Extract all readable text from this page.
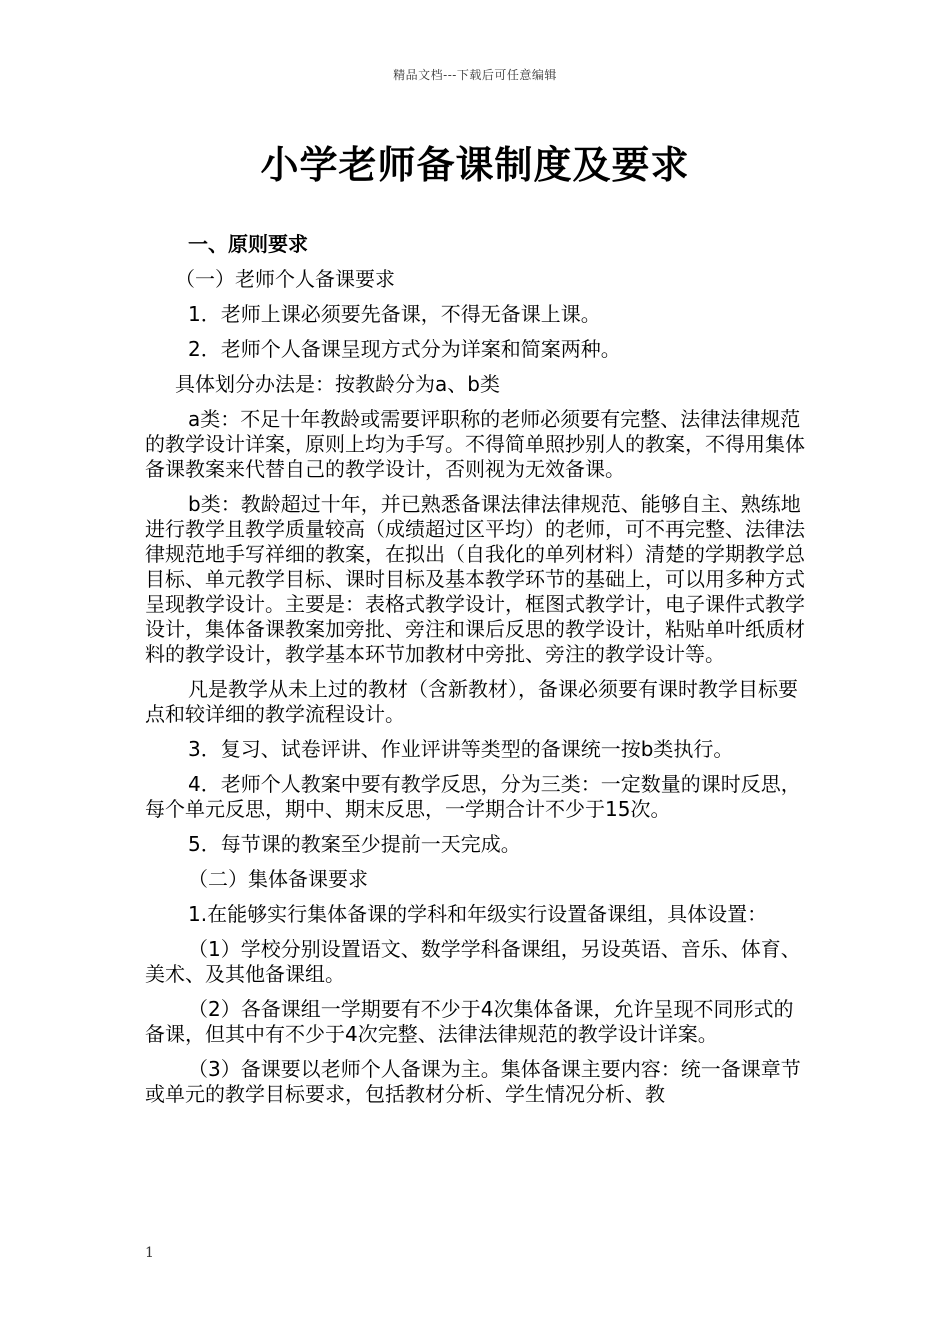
精品文档---下载后可任意编辑
小学老师备课制度及要求
一、原则要求
（一）老师个人备课要求
1．老师上课必须要先备课，不得无备课上课。
2．老师个人备课呈现方式分为详案和简案两种。
具体划分办法是：按教龄分为a、b类
a类：不足十年教龄或需要评职称的老师必须要有完整、法律法律规范的教学设计详案，原则上均为手写。不得简单照抄别人的教案，不得用集体备课教案来代替自己的教学设计，否则视为无效备课。
b类：教龄超过十年，并已熟悉备课法律法律规范、能够自主、熟练地进行教学且教学质量较高（成绩超过区平均）的老师，可不再完整、法律法律规范地手写祥细的教案，在拟出（自我化的单列材料）清楚的学期教学总目标、单元教学目标、课时目标及基本教学环节的基础上，可以用多种方式呈现教学设计。主要是：表格式教学设计，框图式教学计，电子课件式教学设计，集体备课教案加旁批、旁注和课后反思的教学设计，粘贴单叶纸质材料的教学设计，教学基本环节加教材中旁批、旁注的教学设计等。
凡是教学从未上过的教材（含新教材），备课必须要有课时教学目标要点和较详细的教学流程设计。
3．复习、试卷评讲、作业评讲等类型的备课统一按b类执行。
4．老师个人教案中要有教学反思，分为三类：一定数量的课时反思，每个单元反思，期中、期末反思，一学期合计不少于15次。
5．每节课的教案至少提前一天完成。
（二）集体备课要求
1.在能够实行集体备课的学科和年级实行设置备课组，具体设置：
（1）学校分别设置语文、数学学科备课组，另设英语、音乐、体育、美术、及其他备课组。
（2）各备课组一学期要有不少于4次集体备课，允许呈现不同形式的备课，但其中有不少于4次完整、法律法律规范的教学设计详案。
（3）备课要以老师个人备课为主。集体备课主要内容：统一备课章节或单元的教学目标要求，包括教材分析、学生情况分析、教
1
